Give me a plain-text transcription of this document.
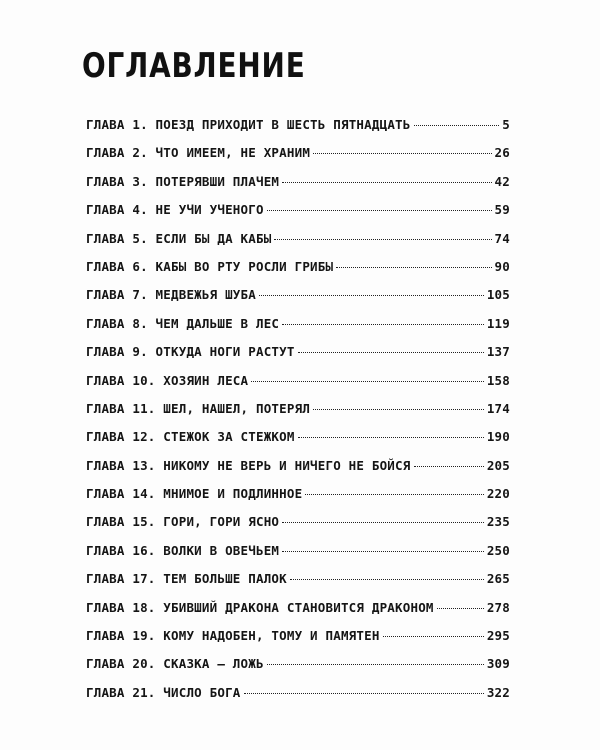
ОГЛАВЛЕНИЕ
ГЛАВА 1. ПОЕЗД ПРИХОДИТ В ШЕСТЬ ПЯТНАДЦАТЬ	5
ГЛАВА 2. ЧТО ИМЕЕМ, НЕ ХРАНИМ	26
ГЛАВА 3. ПОТЕРЯВШИ ПЛАЧЕМ	42
ГЛАВА 4. НЕ УЧИ УЧЕНОГО	59
ГЛАВА 5. ЕСЛИ БЫ ДА КАБЫ	74
ГЛАВА 6. КАБЫ ВО РТУ РОСЛИ ГРИБЫ	90
ГЛАВА 7. МЕДВЕЖЬЯ ШУБА	105
ГЛАВА 8. ЧЕМ ДАЛЬШЕ В ЛЕС	119
ГЛАВА 9. ОТКУДА НОГИ РАСТУТ	137
ГЛАВА 10. ХОЗЯИН ЛЕСА	158
ГЛАВА 11. ШЕЛ, НАШЕЛ, ПОТЕРЯЛ	174
ГЛАВА 12. СТЕЖОК ЗА СТЕЖКОМ	190
ГЛАВА 13. НИКОМУ НЕ ВЕРЬ И НИЧЕГО НЕ БОЙСЯ	205
ГЛАВА 14. МНИМОЕ И ПОДЛИННОЕ	220
ГЛАВА 15. ГОРИ, ГОРИ ЯСНО	235
ГЛАВА 16. ВОЛКИ В ОВЕЧЬЕМ	250
ГЛАВА 17. ТЕМ БОЛЬШЕ ПАЛОК	265
ГЛАВА 18. УБИВШИЙ ДРАКОНА СТАНОВИТСЯ ДРАКОНОМ	278
ГЛАВА 19. КОМУ НАДОБЕН, ТОМУ И ПАМЯТЕН	295
ГЛАВА 20. СКАЗКА — ЛОЖЬ	309
ГЛАВА 21. ЧИСЛО БОГА	322
